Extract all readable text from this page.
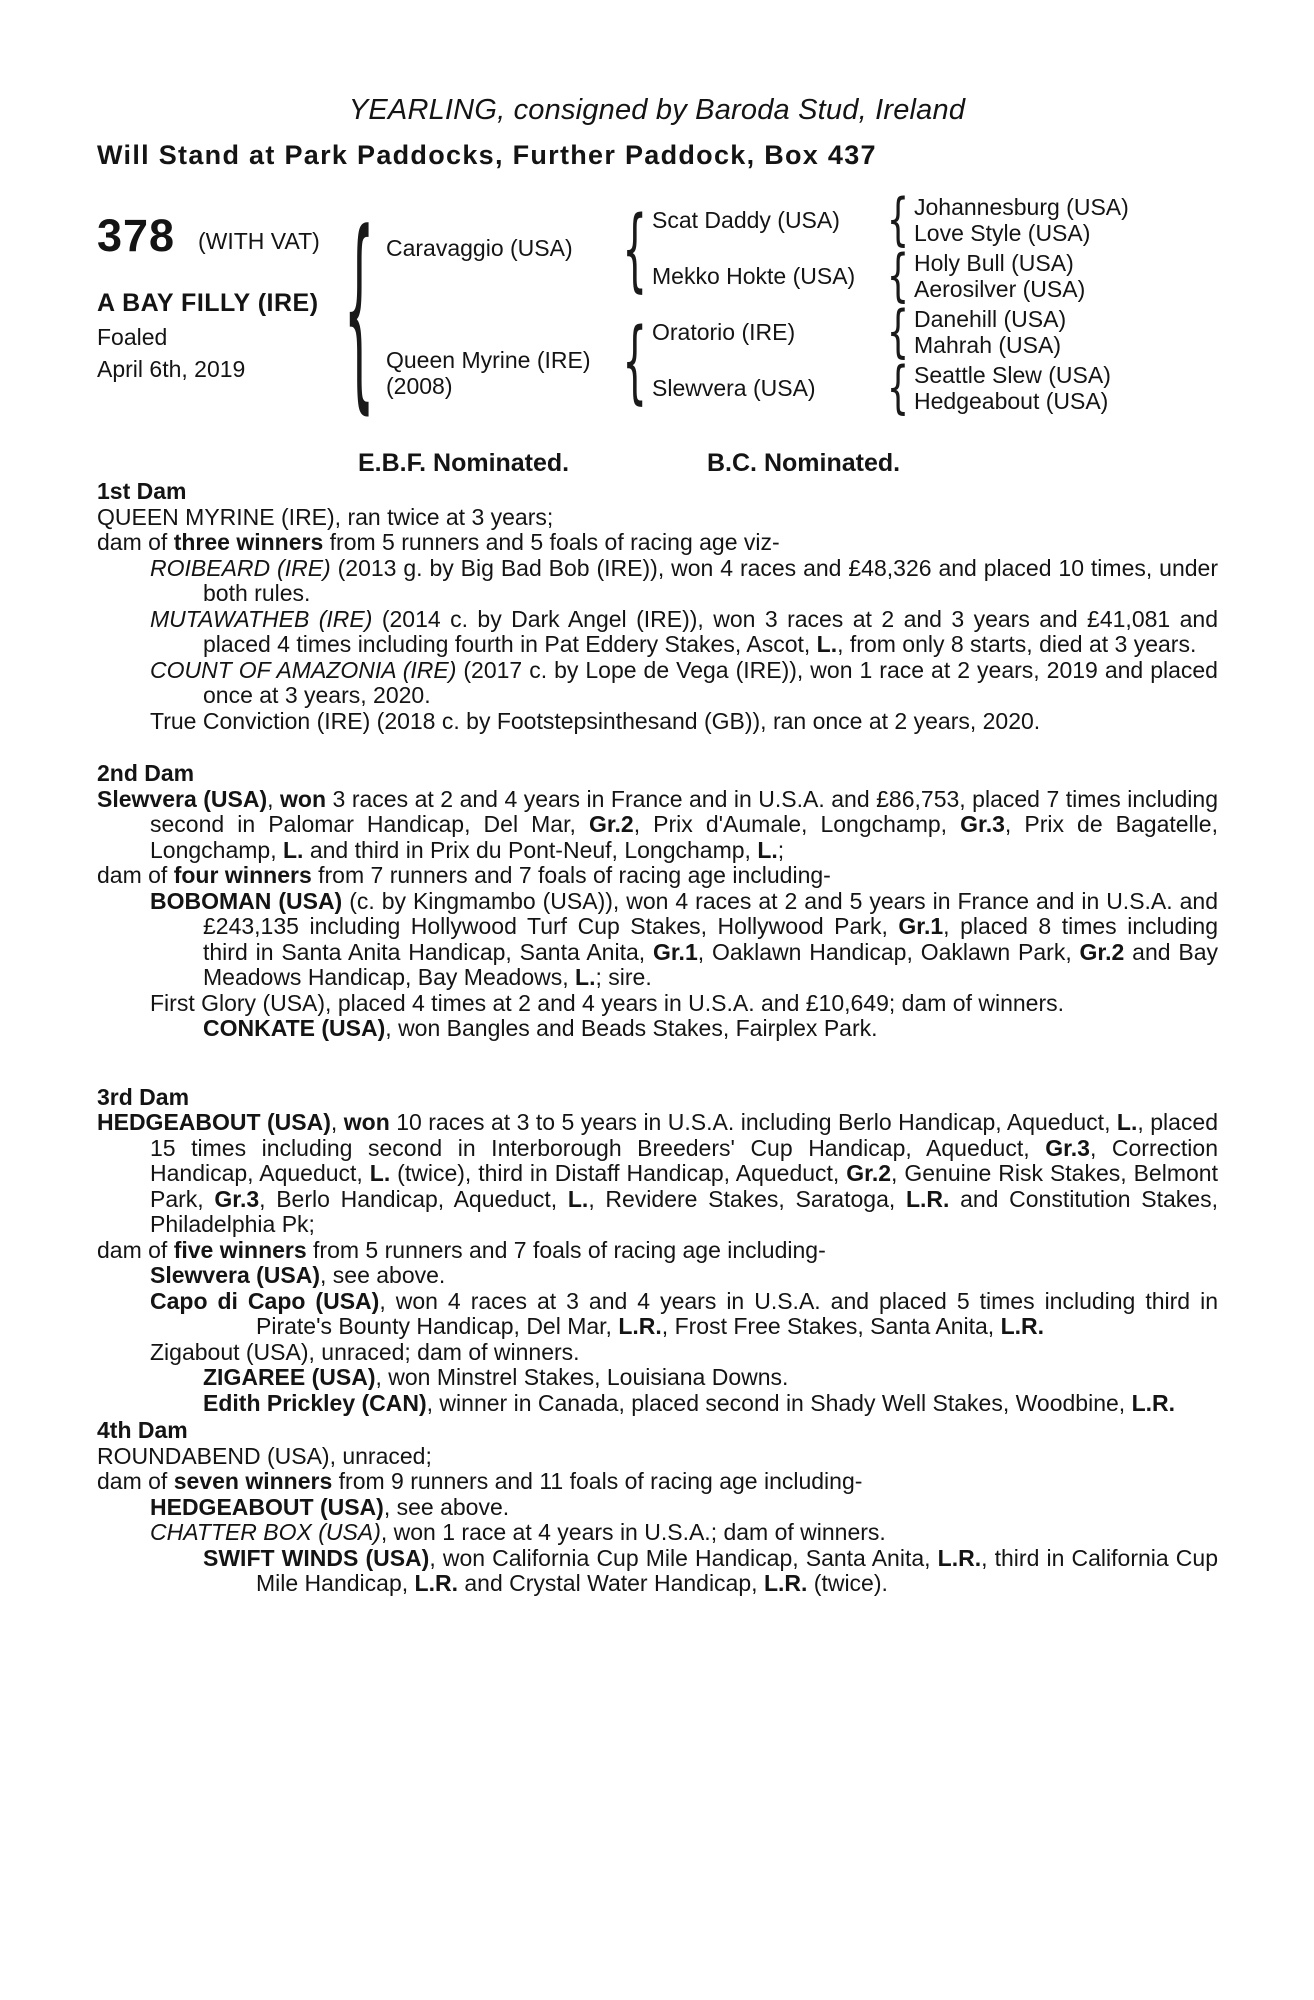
YEARLING, consigned by Baroda Stud, Ireland
Will Stand at Park Paddocks, Further Paddock, Box 437
378 (WITH VAT)
A BAY FILLY (IRE)
Foaled
April 6th, 2019 {	{
{
{
{
{
{
Caravaggio (USA)
Queen Myrine (IRE)
(2008)
Scat Daddy (USA)
Mekko Hokte (USA)
Oratorio (IRE)
Slewvera (USA)
Johannesburg (USA)
Love Style (USA)
Holy Bull (USA)
Aerosilver (USA)
Danehill (USA)
Mahrah (USA)
Seattle Slew (USA)
Hedgeabout (USA)
E.B.F. Nominated.	B.C. Nominated.
1st Dam

QUEEN MYRINE (IRE), ran twice at 3 years;

dam of three winners from 5 runners and 5 foals of racing age viz-

ROIBEARD (IRE) (2013 g. by Big Bad Bob (IRE)), won 4 races and £48,326 and placed 10 times, under both rules.

MUTAWATHEB (IRE) (2014 c. by Dark Angel (IRE)), won 3 races at 2 and 3 years and £41,081 and placed 4 times including fourth in Pat Eddery Stakes, Ascot, L., from only 8 starts, died at 3 years.

COUNT OF AMAZONIA (IRE) (2017 c. by Lope de Vega (IRE)), won 1 race at 2 years, 2019 and placed once at 3 years, 2020.

True Conviction (IRE) (2018 c. by Footstepsinthesand (GB)), ran once at 2 years, 2020.

2nd Dam

Slewvera (USA), won 3 races at 2 and 4 years in France and in U.S.A. and £86,753, placed 7 times including second in Palomar Handicap, Del Mar, Gr.2, Prix d'Aumale, Longchamp, Gr.3, Prix de Bagatelle, Longchamp, L. and third in Prix du Pont-Neuf, Longchamp, L.;

dam of four winners from 7 runners and 7 foals of racing age including-

BOBOMAN (USA) (c. by Kingmambo (USA)), won 4 races at 2 and 5 years in France and in U.S.A. and £243,135 including Hollywood Turf Cup Stakes, Hollywood Park, Gr.1, placed 8 times including third in Santa Anita Handicap, Santa Anita, Gr.1, Oaklawn Handicap, Oaklawn Park, Gr.2 and Bay Meadows Handicap, Bay Meadows, L.; sire.

First Glory (USA), placed 4 times at 2 and 4 years in U.S.A. and £10,649; dam of winners.

CONKATE (USA), won Bangles and Beads Stakes, Fairplex Park.

3rd Dam

HEDGEABOUT (USA), won 10 races at 3 to 5 years in U.S.A. including Berlo Handicap, Aqueduct, L., placed 15 times including second in Interborough Breeders' Cup Handicap, Aqueduct, Gr.3, Correction Handicap, Aqueduct, L. (twice), third in Distaff Handicap, Aqueduct, Gr.2, Genuine Risk Stakes, Belmont Park, Gr.3, Berlo Handicap, Aqueduct, L., Revidere Stakes, Saratoga, L.R. and Constitution Stakes, Philadelphia Pk;

dam of five winners from 5 runners and 7 foals of racing age including-

Slewvera (USA), see above.

Capo di Capo (USA), won 4 races at 3 and 4 years in U.S.A. and placed 5 times including third in Pirate's Bounty Handicap, Del Mar, L.R., Frost Free Stakes, Santa Anita, L.R.

Zigabout (USA), unraced; dam of winners.

ZIGAREE (USA), won Minstrel Stakes, Louisiana Downs.

Edith Prickley (CAN), winner in Canada, placed second in Shady Well Stakes, Woodbine, L.R.

4th Dam

ROUNDABEND (USA), unraced;

dam of seven winners from 9 runners and 11 foals of racing age including-

HEDGEABOUT (USA), see above.

CHATTER BOX (USA), won 1 race at 4 years in U.S.A.; dam of winners.

SWIFT WINDS (USA), won California Cup Mile Handicap, Santa Anita, L.R., third in California Cup Mile Handicap, L.R. and Crystal Water Handicap, L.R. (twice).
